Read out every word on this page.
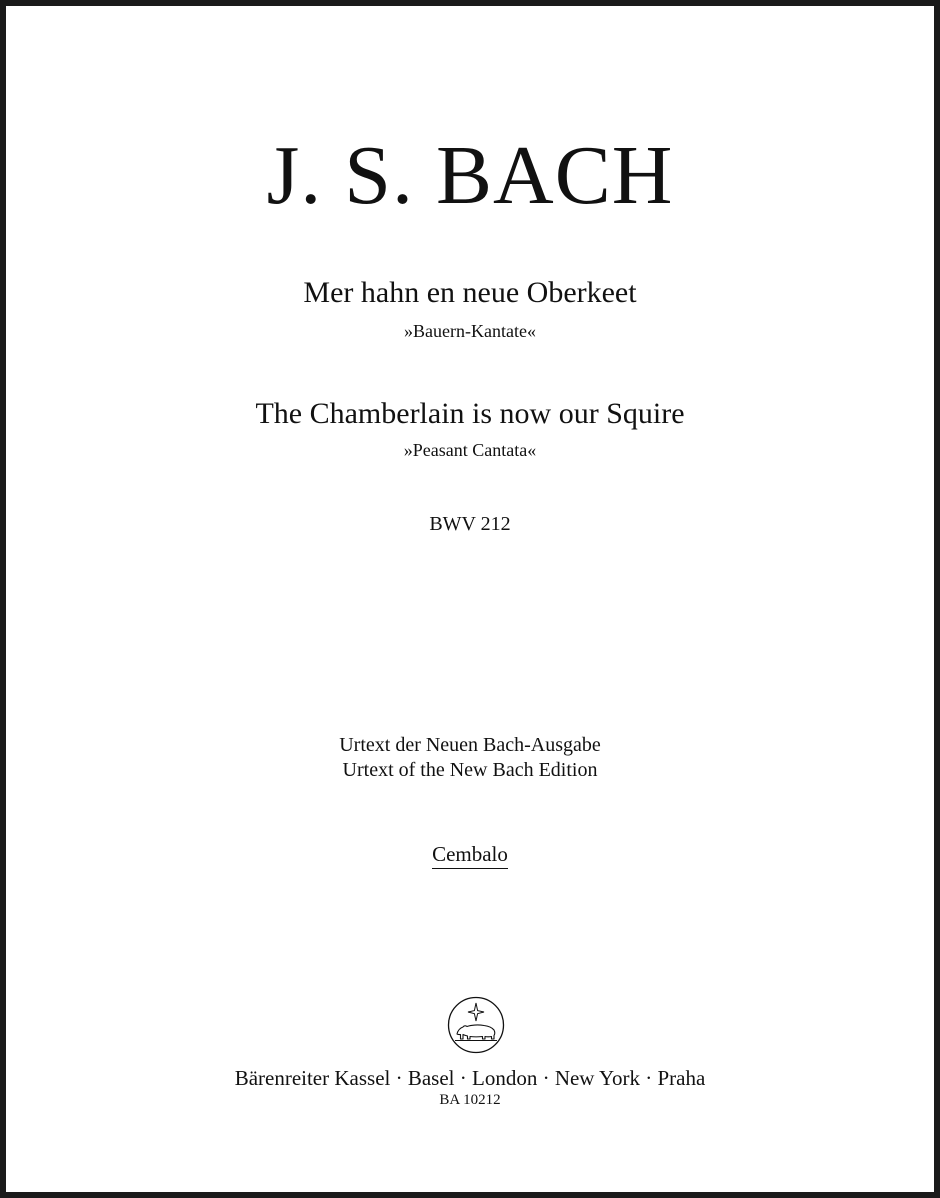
J. S. BACH
Mer hahn en neue Oberkeet
»Bauern-Kantate«
The Chamberlain is now our Squire
»Peasant Cantata«
BWV 212
Urtext der Neuen Bach-Ausgabe
Urtext of the New Bach Edition
Cembalo
Bärenreiter Kassel · Basel · London · New York · Praha
BA 10212
